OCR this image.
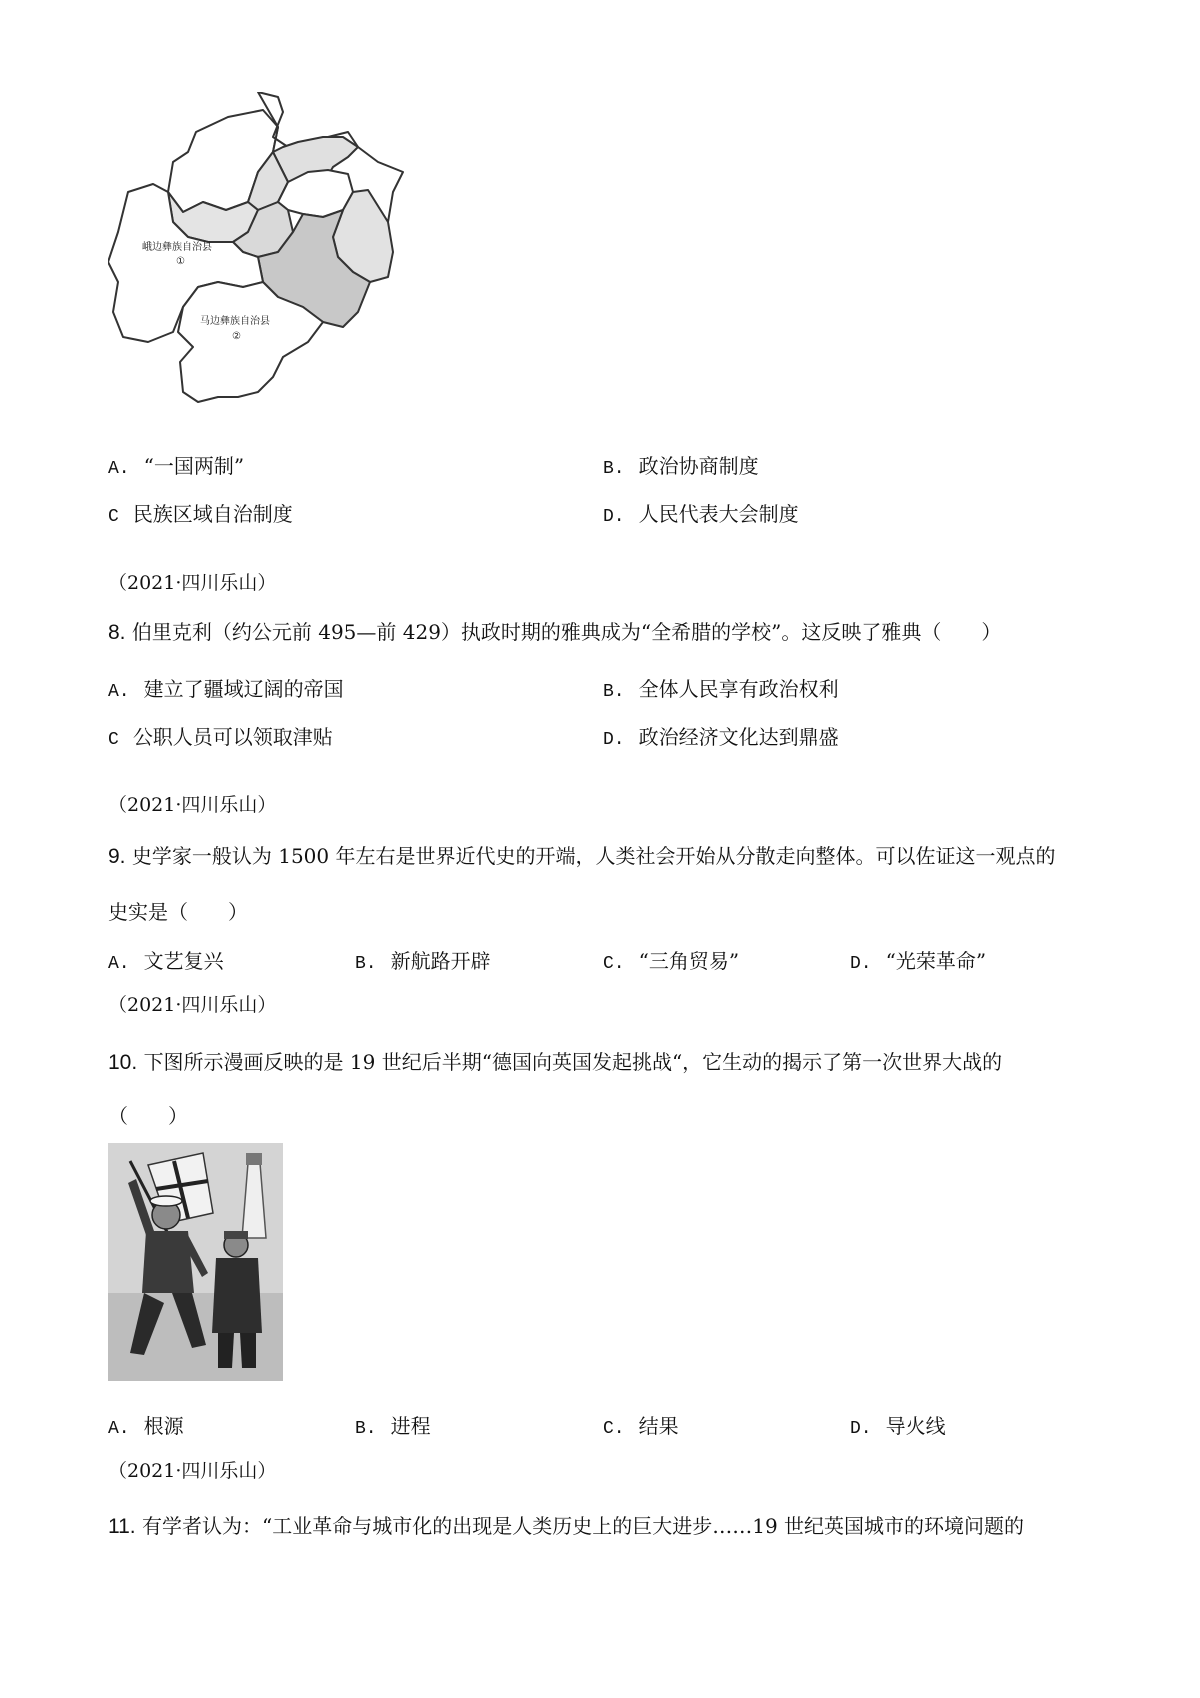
峨边彝族自治县
①
马边彝族自治县
②
A. “一国两制”	B. 政治协商制度
C 民族区域自治制度	D. 人民代表大会制度
（2021·四川乐山）
8. 伯里克利（约公元前 495—前 429）执政时期的雅典成为“全希腊的学校”。这反映了雅典（　　）
A. 建立了疆域辽阔的帝国	B. 全体人民享有政治权利
C 公职人员可以领取津贴	D. 政治经济文化达到鼎盛
（2021·四川乐山）
9. 史学家一般认为 1500 年左右是世界近代史的开端，人类社会开始从分散走向整体。可以佐证这一观点的
史实是（　　）
A. 文艺复兴	B. 新航路开辟	C. “三角贸易”	D. “光荣革命”
（2021·四川乐山）
10. 下图所示漫画反映的是 19 世纪后半期“德国向英国发起挑战“，它生动的揭示了第一次世界大战的
（　　）
A. 根源	B. 进程	C. 结果	D. 导火线
（2021·四川乐山）
11. 有学者认为：“工业革命与城市化的出现是人类历史上的巨大进步……19 世纪英国城市的环境问题的
